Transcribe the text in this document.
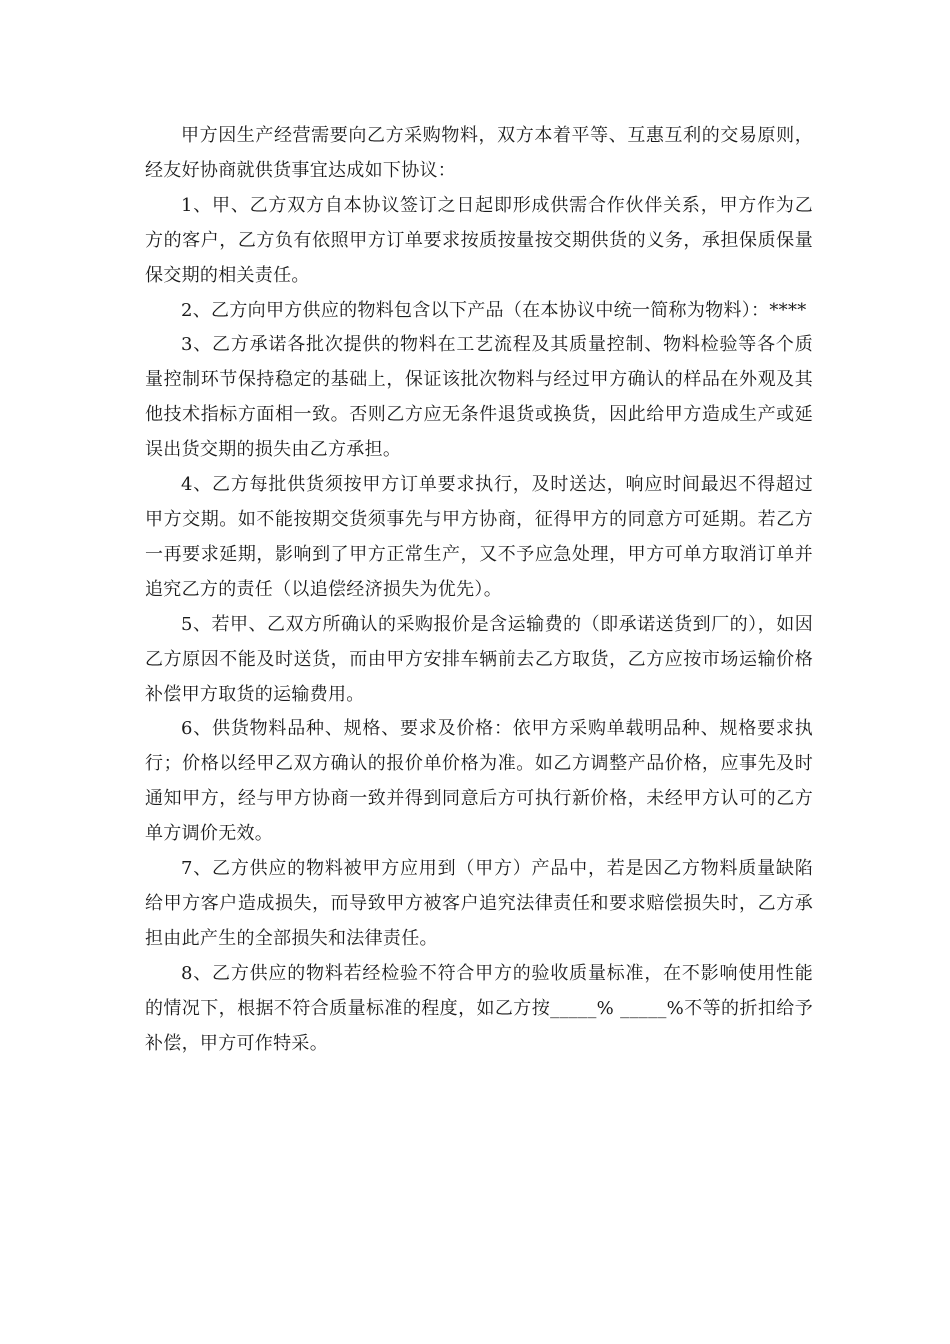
甲方因生产经营需要向乙方采购物料，双方本着平等、互惠互利的交易原则，经友好协商就供货事宜达成如下协议：

1、甲、乙方双方自本协议签订之日起即形成供需合作伙伴关系，甲方作为乙方的客户，乙方负有依照甲方订单要求按质按量按交期供货的义务，承担保质保量保交期的相关责任。

2、乙方向甲方供应的物料包含以下产品（在本协议中统一简称为物料）：****

3、乙方承诺各批次提供的物料在工艺流程及其质量控制、物料检验等各个质量控制环节保持稳定的基础上，保证该批次物料与经过甲方确认的样品在外观及其他技术指标方面相一致。否则乙方应无条件退货或换货，因此给甲方造成生产或延误出货交期的损失由乙方承担。

4、乙方每批供货须按甲方订单要求执行，及时送达，响应时间最迟不得超过甲方交期。如不能按期交货须事先与甲方协商，征得甲方的同意方可延期。若乙方一再要求延期，影响到了甲方正常生产，又不予应急处理，甲方可单方取消订单并追究乙方的责任（以追偿经济损失为优先）。

5、若甲、乙双方所确认的采购报价是含运输费的（即承诺送货到厂的），如因乙方原因不能及时送货，而由甲方安排车辆前去乙方取货，乙方应按市场运输价格补偿甲方取货的运输费用。

6、供货物料品种、规格、要求及价格：依甲方采购单载明品种、规格要求执行；价格以经甲乙双方确认的报价单价格为准。如乙方调整产品价格，应事先及时通知甲方，经与甲方协商一致并得到同意后方可执行新价格，未经甲方认可的乙方单方调价无效。

7、乙方供应的物料被甲方应用到（甲方）产品中，若是因乙方物料质量缺陷给甲方客户造成损失，而导致甲方被客户追究法律责任和要求赔偿损失时，乙方承担由此产生的全部损失和法律责任。

8、乙方供应的物料若经检验不符合甲方的验收质量标准，在不影响使用性能的情况下，根据不符合质量标准的程度，如乙方按_____% _____%不等的折扣给予补偿，甲方可作特采。
